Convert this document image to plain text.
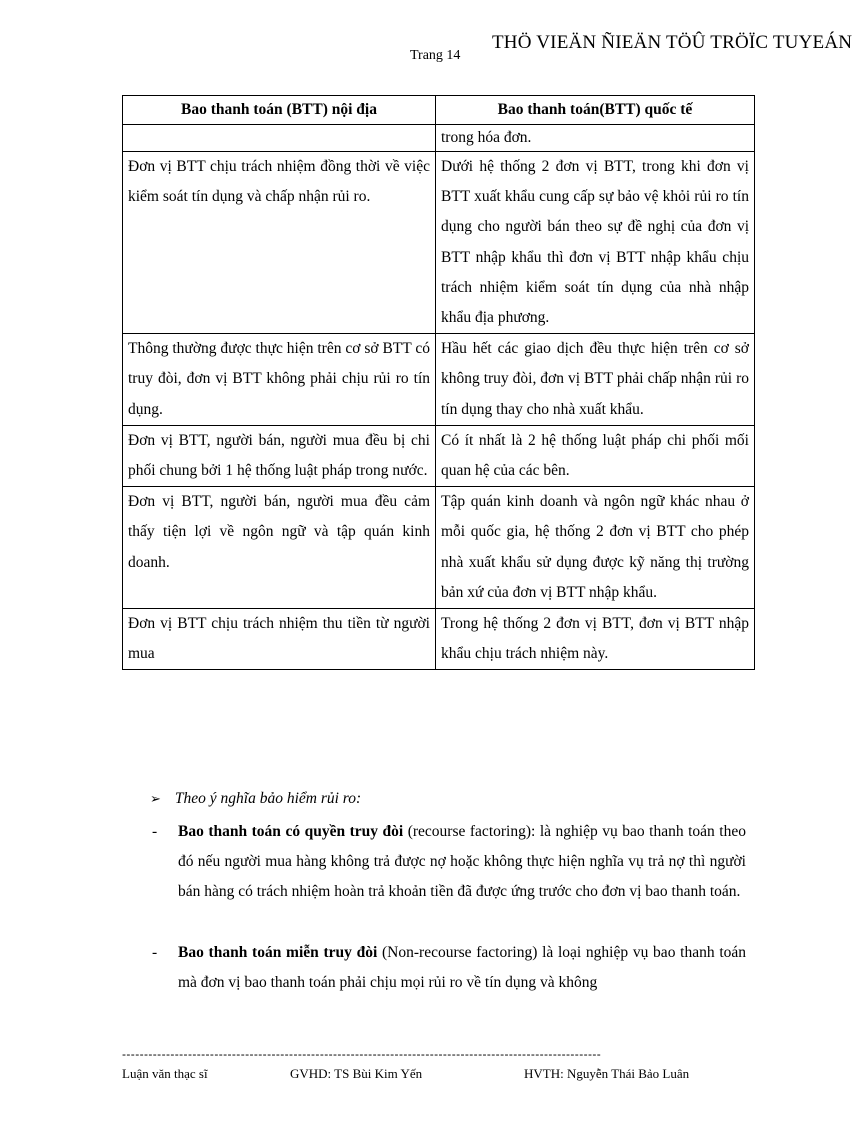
Trang 14
THÖ VIEÄN ÑIEÄN TÖÛ TRÖÏC TUYEÁN
Bao thanh toán (BTT) nội địa	Bao thanh toán(BTT) quốc tế
	trong hóa đơn.
Đơn vị BTT chịu trách nhiệm đồng thời về việc kiểm soát tín dụng và chấp nhận rủi ro.	Dưới hệ thống 2 đơn vị BTT, trong khi đơn vị BTT xuất khẩu cung cấp sự bảo vệ khỏi rủi ro tín dụng cho người bán theo sự đề nghị của đơn vị BTT nhập khẩu thì đơn vị BTT nhập khẩu chịu trách nhiệm kiểm soát tín dụng của nhà nhập khẩu địa phương.
Thông thường được thực hiện trên cơ sở BTT có truy đòi, đơn vị BTT không phải chịu rủi ro tín dụng.	Hầu hết các giao dịch đều thực hiện trên cơ sở không truy đòi, đơn vị BTT phải chấp nhận rủi ro tín dụng thay cho nhà xuất khẩu.
Đơn vị BTT, người bán, người mua đều bị chi phối chung bởi 1 hệ thống luật pháp trong nước.	Có ít nhất là 2 hệ thống luật pháp chi phối mối quan hệ của các bên.
Đơn vị BTT, người bán, người mua đều cảm thấy tiện lợi về ngôn ngữ và tập quán kinh doanh.	Tập quán kinh doanh và ngôn ngữ khác nhau ở mỗi quốc gia, hệ thống 2 đơn vị BTT cho phép nhà xuất khẩu sử dụng được kỹ năng thị trường bản xứ của đơn vị BTT nhập khẩu.
Đơn vị BTT chịu trách nhiệm thu tiền từ người mua	Trong hệ thống 2 đơn vị BTT, đơn vị BTT nhập khẩu chịu trách nhiệm này.
➢ Theo ý nghĩa bảo hiểm rủi ro:
- Bao thanh toán có quyền truy đòi (recourse factoring): là nghiệp vụ bao thanh toán theo đó nếu người mua hàng không trả được nợ hoặc không thực hiện nghĩa vụ trả nợ thì người bán hàng có trách nhiệm hoàn trả khoản tiền đã được ứng trước cho đơn vị bao thanh toán.
- Bao thanh toán miễn truy đòi (Non-recourse factoring) là loại nghiệp vụ bao thanh toán mà đơn vị bao thanh toán phải chịu mọi rủi ro về tín dụng và không
-------------------------------------------------------------------------------------------------------------
Luận văn thạc sĩ	GVHD: TS Bùi Kim Yến	HVTH: Nguyễn Thái Bảo Luân
